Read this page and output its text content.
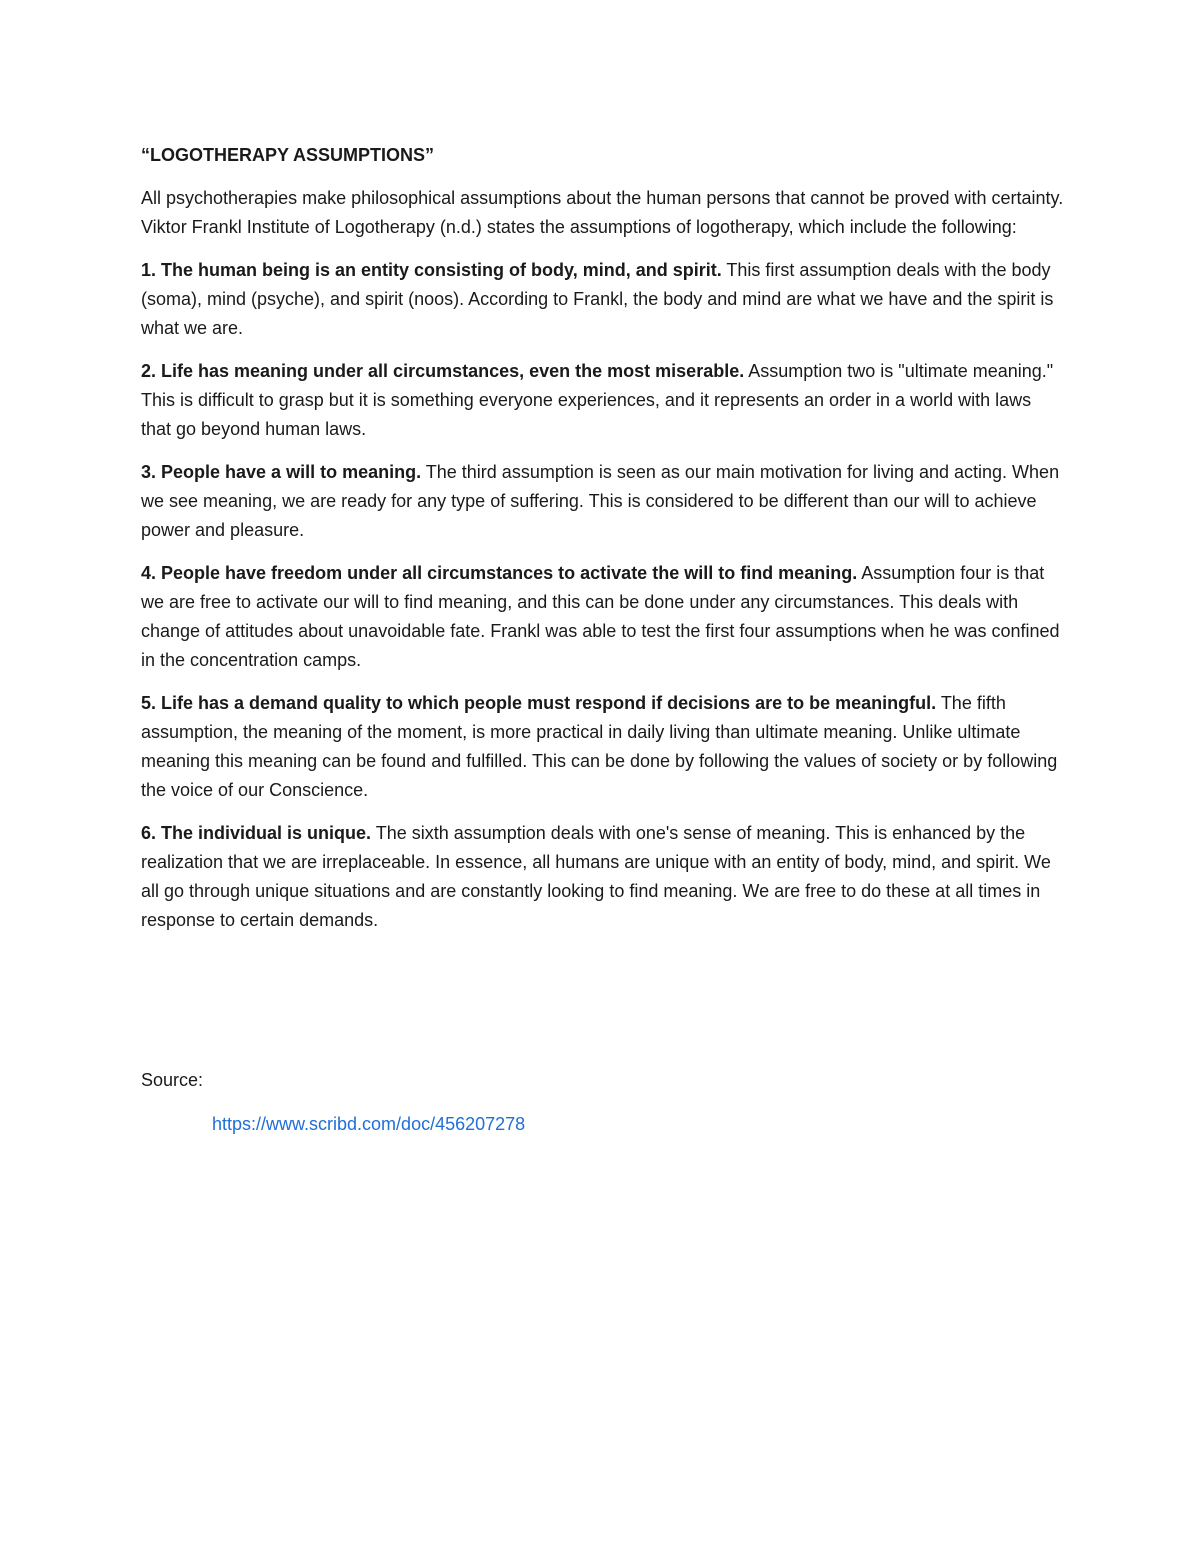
“LOGOTHERAPY ASSUMPTIONS”

All psychotherapies make philosophical assumptions about the human persons that cannot be proved with certainty. Viktor Frankl Institute of Logotherapy (n.d.) states the assumptions of logotherapy, which include the following:

1. The human being is an entity consisting of body, mind, and spirit. This first assumption deals with the body (soma), mind (psyche), and spirit (noos). According to Frankl, the body and mind are what we have and the spirit is what we are.

2. Life has meaning under all circumstances, even the most miserable. Assumption two is "ultimate meaning." This is difficult to grasp but it is something everyone experiences, and it represents an order in a world with laws that go beyond human laws.

3. People have a will to meaning. The third assumption is seen as our main motivation for living and acting. When we see meaning, we are ready for any type of suffering. This is considered to be different than our will to achieve power and pleasure.

4. People have freedom under all circumstances to activate the will to find meaning. Assumption four is that we are free to activate our will to find meaning, and this can be done under any circumstances. This deals with change of attitudes about unavoidable fate. Frankl was able to test the first four assumptions when he was confined in the concentration camps.

5. Life has a demand quality to which people must respond if decisions are to be meaningful. The fifth assumption, the meaning of the moment, is more practical in daily living than ultimate meaning. Unlike ultimate meaning this meaning can be found and fulfilled. This can be done by following the values of society or by following the voice of our Conscience.

6. The individual is unique. The sixth assumption deals with one's sense of meaning. This is enhanced by the realization that we are irreplaceable. In essence, all humans are unique with an entity of body, mind, and spirit. We all go through unique situations and are constantly looking to find meaning. We are free to do these at all times in response to certain demands.

Source:

https://www.scribd.com/doc/456207278
